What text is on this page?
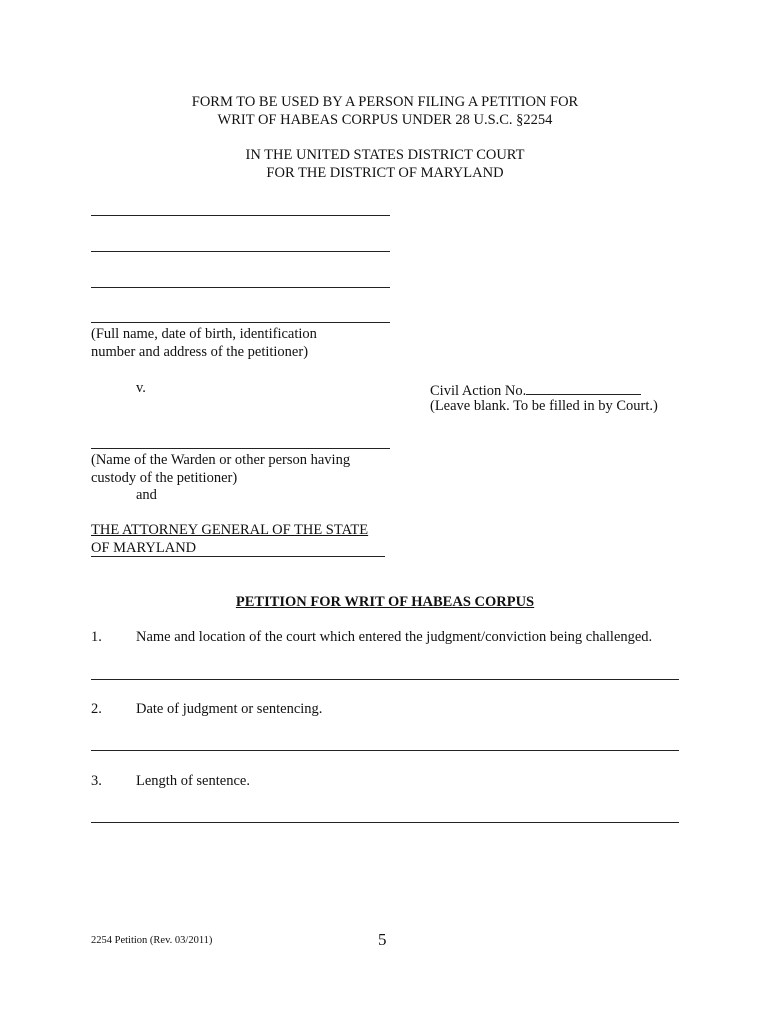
FORM TO BE USED BY A PERSON FILING A PETITION FOR
WRIT OF HABEAS CORPUS UNDER 28 U.S.C. §2254
IN THE UNITED STATES DISTRICT COURT
FOR THE DISTRICT OF MARYLAND
(Full name, date of birth, identification
number and address of the petitioner)
v.	Civil Action No.
(Leave blank. To be filled in by Court.)
(Name of the Warden or other person having
custody of the petitioner)
and
THE ATTORNEY GENERAL OF THE STATE
OF MARYLAND
PETITION FOR WRIT OF HABEAS CORPUS
1. Name and location of the court which entered the judgment/conviction being challenged.
2. Date of judgment or sentencing.
3. Length of sentence.
2254 Petition (Rev. 03/2011)	5
